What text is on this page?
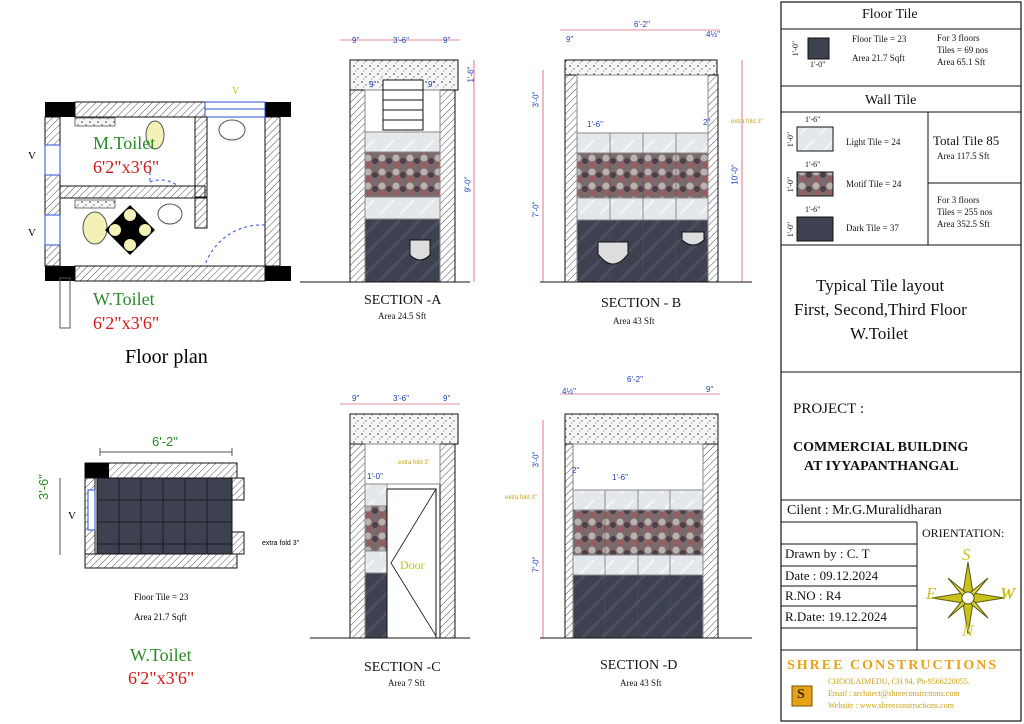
M.Toilet
6'2"x3'6"
W.Toilet
6'2"x3'6"
Floor plan
V
V
V
6'-2"
3'-6"
V
extra fold 3"
Floor Tile = 23
Area 21.7 Sqft
W.Toilet
6'2"x3'6"
9"	3'-6"	9"
9"	9"
1'-6"
9'-0"
SECTION -A
Area 24.5 Sft
9"
6'-2"
4½"
3'-0"
1'-6"	2"
7'-0"
10'-0"
extra fold 3"
SECTION - B
Area 43 Sft
9"	3'-6"	9"
1'-0"
extra fold 3"
Door
SECTION -C
Area 7 Sft
4½"
6'-2"
9"
3'-0"
2"
1'-6"
7'-0"
extra fold 3"
SECTION -D
Area 43 Sft
Floor Tile
1'-0"
1'-0"
Floor Tile = 23
Area 21.7 Sqft
For 3 floors
Tiles = 69 nos
Area 65.1 Sft
Wall Tile
1'-6"
1'-0"
1'-6"
1'-0"
1'-6"
1'-0"
Light Tile = 24
Motif Tile = 24
Dark Tile = 37
Total Tile 85
Area 117.5 Sft
For 3 floors
Tiles = 255 nos
Area 352.5 Sft
Typical Tile layout
First, Second,Third Floor
W.Toilet
PROJECT :
COMMERCIAL BUILDING
AT IYYAPANTHANGAL
Cilent : Mr.G.Muralidharan
ORIENTATION:
Drawn by : C. T
Date : 09.12.2024
R.NO : R4
R.Date: 19.12.2024
S
N
E	W
SHREE CONSTRUCTIONS
S
CHOOLAIMEDU, CH 94, Ph-9566220055.
Email : architect@shreeconstrctions.com
Website : www.shreeconstructions.com
